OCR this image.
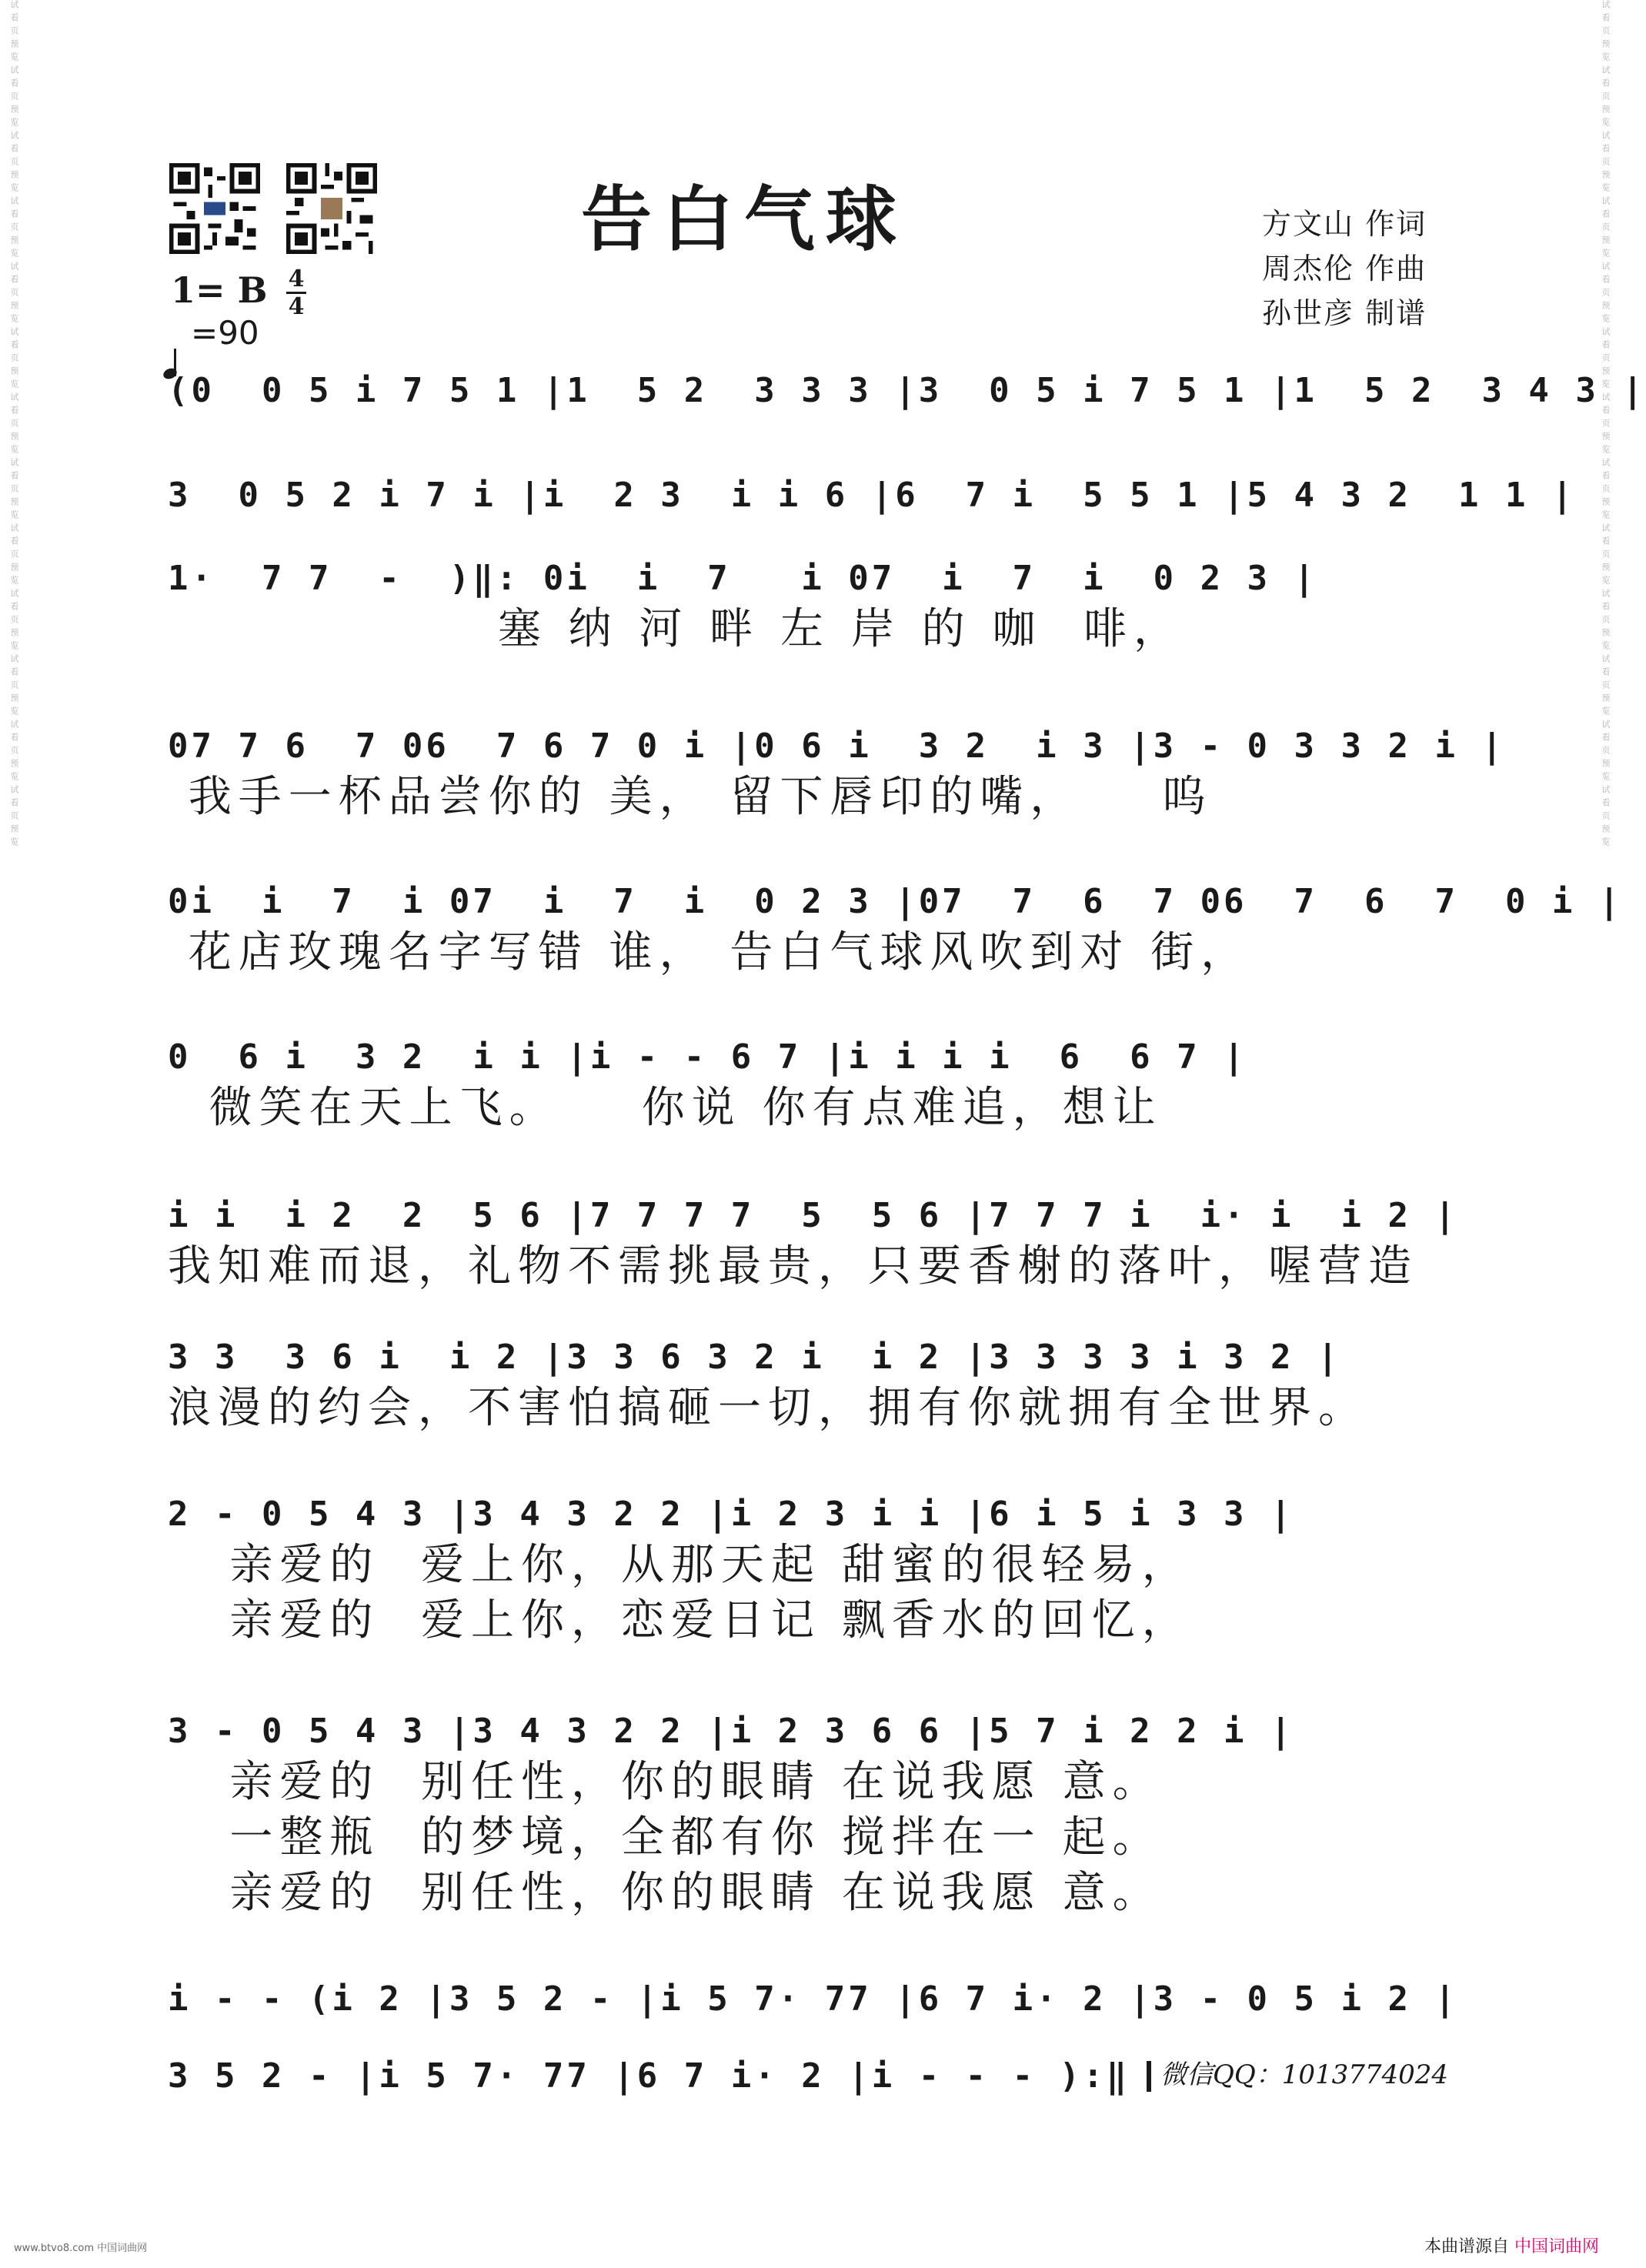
试看页预览试看页预览试看页预览试看页预览试看页预览试看页预览试看页预览试看页预览试看页预览试看页预览试看页预览试看页预览试看页预览	试看页预览试看页预览试看页预览试看页预览试看页预览试看页预览试看页预览试看页预览试看页预览试看页预览试看页预览试看页预览试看页预览
告白气球	方文山 作词
周杰伦 作曲
孙世彦 制谱
1= B 4
4
=90
(0  0 5 i 7 5 1 |1  5 2  3 3 3 |3  0 5 i 7 5 1 |1  5 2  3 4 3 |
3  0 5 2 i 7 i |i  2 3  i i 6 |6  7 i  5 5 1 |5 4 3 2  1 1 |
1·  7 7  -  )‖: 0i  i  7   i 07  i  7  i  0 2 3 |
塞 纳 河 畔 左 岸 的 咖  啡，
07 7 6  7 06  7 6 7 0 i |0 6 i  3 2  i 3 |3 - 0 3 3 2 i |
我手一杯品尝你的 美， 留下唇印的嘴，    呜
0i  i  7  i 07  i  7  i  0 2 3 |07  7  6  7 06  7  6  7  0 i |
花店玫瑰名字写错 谁， 告白气球风吹到对 街，
0  6 i  3 2  i i |i - - 6 7 |i i i i  6  6 7 |
微笑在天上飞。    你说 你有点难追，想让
i i  i 2  2  5 6 |7 7 7 7  5  5 6 |7 7 7 i  i· i  i 2 |
我知难而退，礼物不需挑最贵，只要香榭的落叶，喔营造
3 3  3 6 i  i 2 |3 3 6 3 2 i  i 2 |3 3 3 3 i 3 2 |
浪漫的约会，不害怕搞砸一切，拥有你就拥有全世界。
2 - 0 5 4 3 |3 4 3 2 2 |i 2 3 i i |6 i 5 i 3 3 |
亲爱的  爱上你，从那天起 甜蜜的很轻易，
亲爱的  爱上你，恋爱日记 飘香水的回忆，
3 - 0 5 4 3 |3 4 3 2 2 |i 2 3 6 6 |5 7 i 2 2 i |
亲爱的  别任性，你的眼睛 在说我愿 意。
一整瓶  的梦境，全都有你 搅拌在一 起。
亲爱的  别任性，你的眼睛 在说我愿 意。
i - - (i 2 |3 5 2 - |i 5 7· 77 |6 7 i· 2 |3 - 0 5 i 2 |
3 5 2 - |i 5 7· 77 |6 7 i· 2 |i - - - ):‖	微信QQ：1013774024
www.btvo8.com 中国词曲网	本曲谱源自 中国词曲网
